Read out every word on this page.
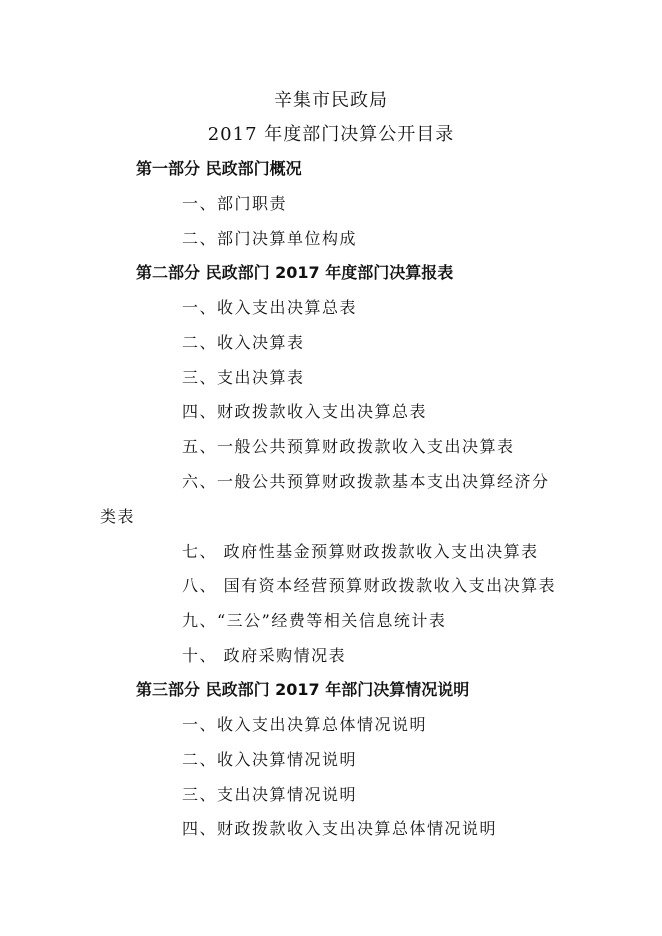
辛集市民政局
2017 年度部门决算公开目录
第一部分 民政部门概况
一、部门职责
二、部门决算单位构成
第二部分 民政部门 2017 年度部门决算报表
一、收入支出决算总表
二、收入决算表
三、支出决算表
四、财政拨款收入支出决算总表
五、一般公共预算财政拨款收入支出决算表
六、一般公共预算财政拨款基本支出决算经济分
类表
七、 政府性基金预算财政拨款收入支出决算表
八、 国有资本经营预算财政拨款收入支出决算表
九、“三公”经费等相关信息统计表
十、 政府采购情况表
第三部分 民政部门 2017 年部门决算情况说明
一、收入支出决算总体情况说明
二、收入决算情况说明
三、支出决算情况说明
四、财政拨款收入支出决算总体情况说明
